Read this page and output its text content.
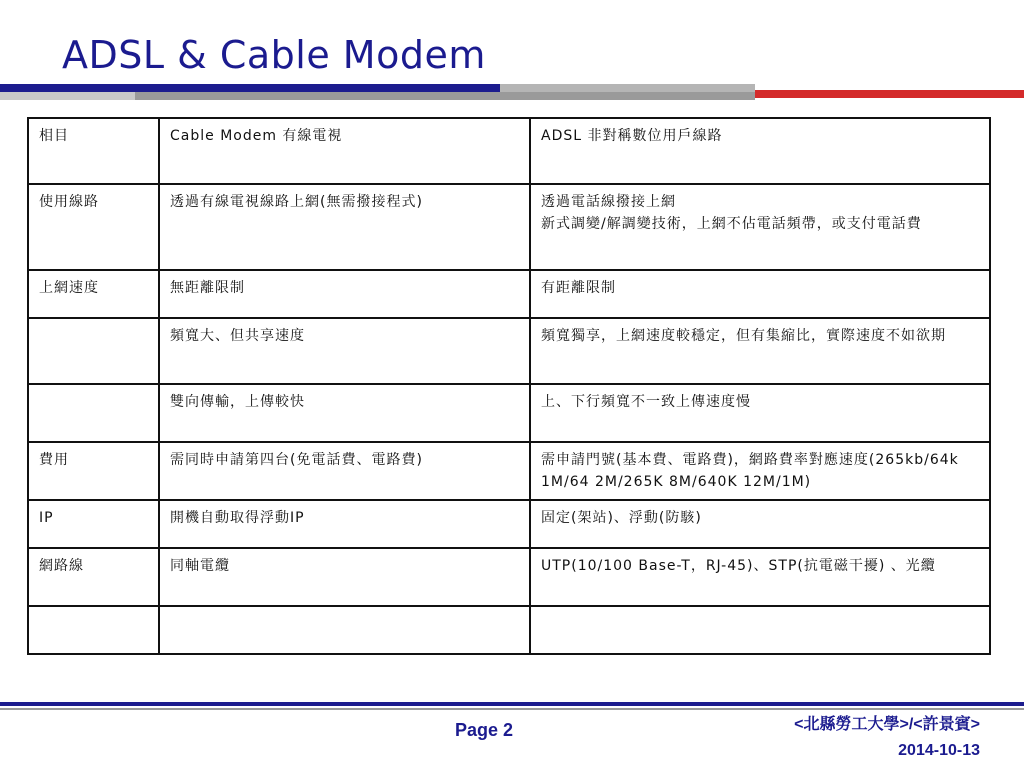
ADSL & Cable Modem
相目	Cable Modem 有線電視	ADSL 非對稱數位用戶線路

使用線路	透過有線電視線路上網(無需撥接程式)	透過電話線撥接上網
新式調變/解調變技術，上網不佔電話頻帶，或支付電話費

上網速度	無距離限制	有距離限制

	頻寬大、但共享速度	頻寬獨享，上網速度較穩定，但有集縮比，實際速度不如欲期

	雙向傳輸，上傳較快	上、下行頻寬不一致上傳速度慢

費用	需同時申請第四台(免電話費、電路費)	需申請門號(基本費、電路費)，網路費率對應速度(265kb/64k 1M/64 2M/265K 8M/640K 12M/1M)

IP	開機自動取得浮動IP	固定(架站)、浮動(防駭)

網路線	同軸電纜	UTP(10/100 Base-T，RJ-45)、STP(抗電磁干擾) 、光纜

Page 2	<北縣勞工大學>/<許景賓>
2014-10-13
